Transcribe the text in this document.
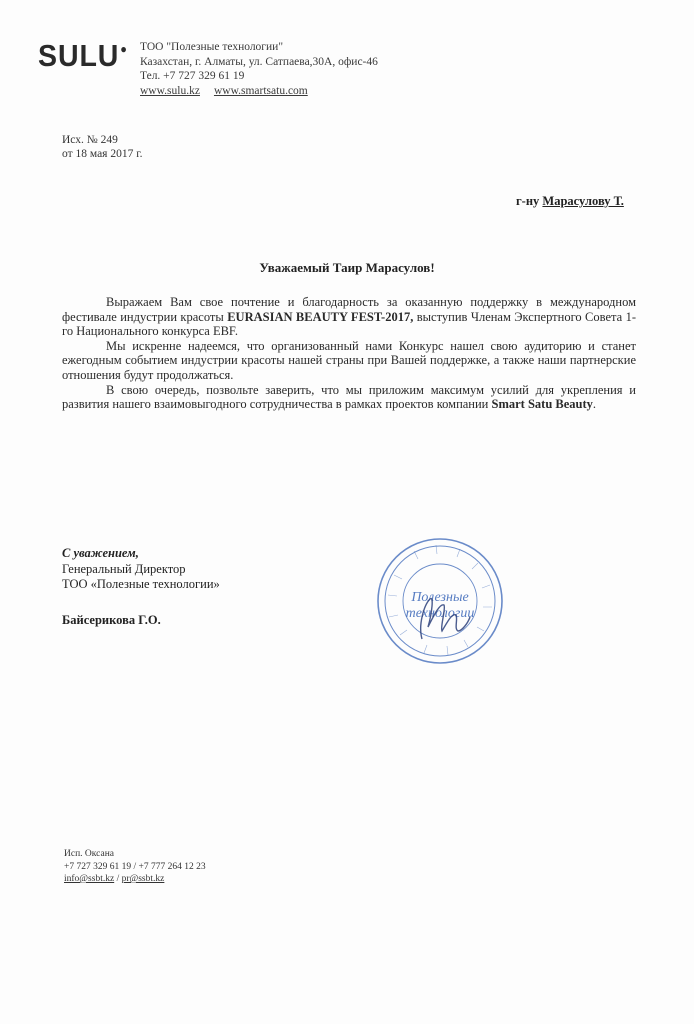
SULU● ТОО "Полезные технологии"
Казахстан, г. Алматы, ул. Сатпаева,30А, офис-46
Тел. +7 727 329 61 19
www.sulu.kz www.smartsatu.com
Исх. № 249
от 18 мая 2017 г.
г-ну Марасулову Т.
Уважаемый Таир Марасулов!

Выражаем Вам свое почтение и благодарность за оказанную поддержку в международном фестивале индустрии красоты EURASIAN BEAUTY FEST-2017, выступив Членам Экспертного Совета 1-го Национального конкурса EBF.

Мы искренне надеемся, что организованный нами Конкурс нашел свою аудиторию и станет ежегодным событием индустрии красоты нашей страны при Вашей поддержке, а также наши партнерские отношения будут продолжаться.

В свою очередь, позвольте заверить, что мы приложим максимум усилий для укрепления и развития нашего взаимовыгодного сотрудничества в рамках проектов компании Smart Satu Beauty.

С уважением,
Генеральный Директор
ТОО «Полезные технологии»
Байсерикова Г.О.
Полезные
технологии
Исп. Оксана
+7 727 329 61 19 / +7 777 264 12 23
info@ssbt.kz / pr@ssbt.kz
